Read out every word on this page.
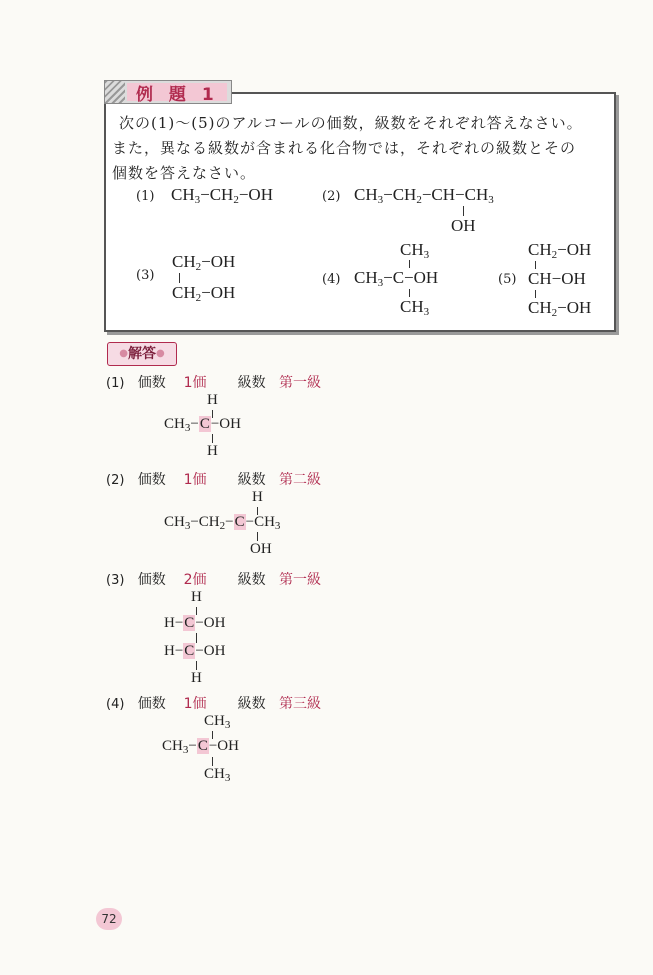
例 題 1
次の(1)〜(5)のアルコールの価数，級数をそれぞれ答えなさい。
また，異なる級数が含まれる化合物では，それぞれの級数とその
個数を答えなさい。
(1) $CH_3-CH_2-OH$	(2) $CH_3-CH_2-CH-CH_3$
OH
(3)
$CH_2-OH$
$CH_2-OH$
(4)
$CH_3$
$CH_3-C-OH$
$CH_3$
(5)
$CH_2-OH$
CH−OH
$CH_2-OH$
●解答●
(1) 価数 1価 級数 第一級
H
$CH_3-C-OH$
H
(2) 価数 1価 級数 第二級
H
$CH_3-CH_2-C-CH_3$
OH
(3) 価数 2価 級数 第一級
H
H−C−OH
H−C−OH
H
(4) 価数 1価 級数 第三級
$CH_3$
$CH_3-C-OH$
$CH_3$
72
